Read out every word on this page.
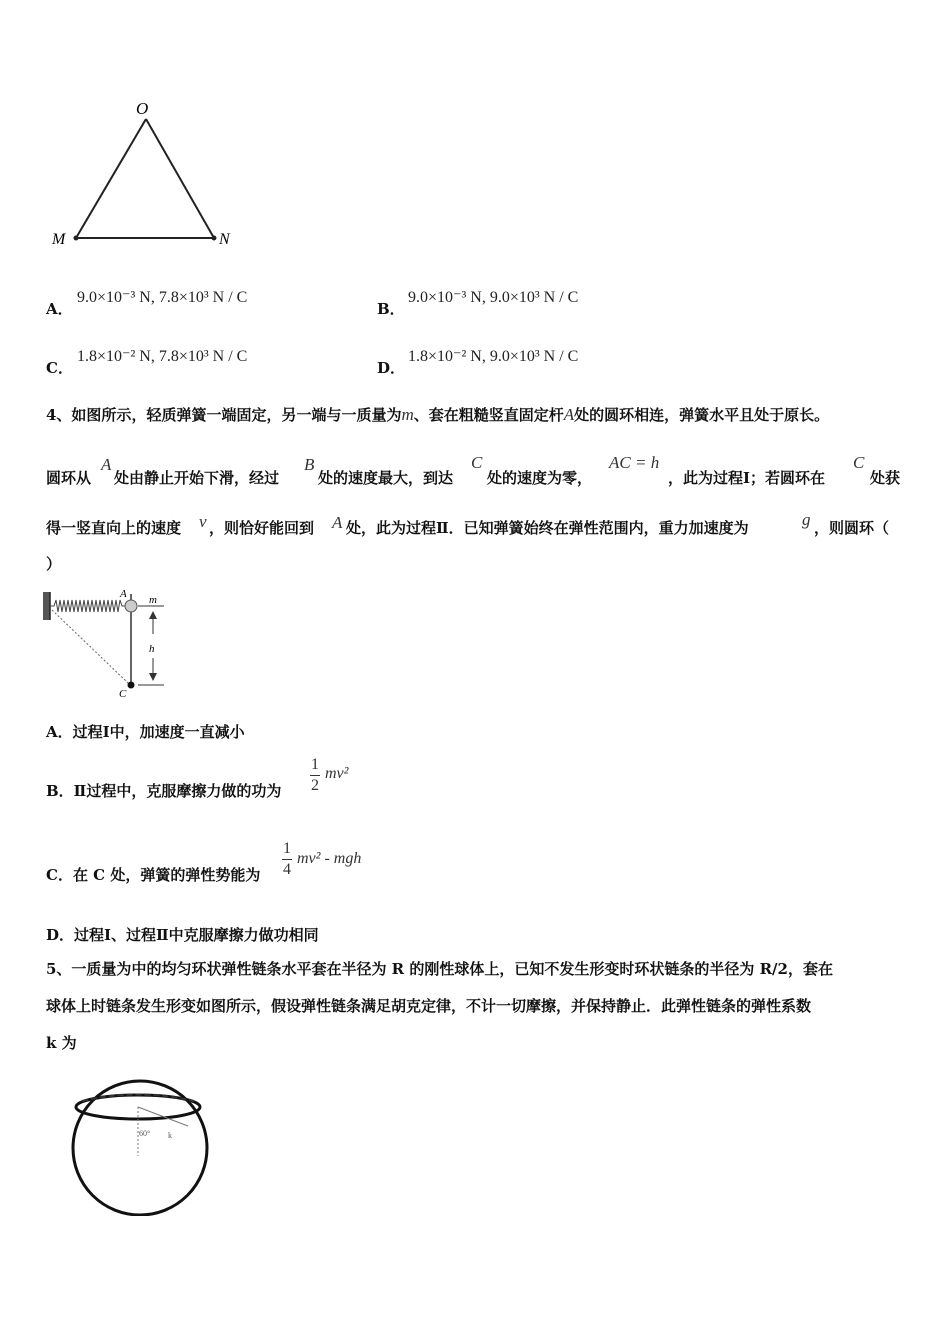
O
M	N
A．
9.0×10⁻³ N, 7.8×10³ N / C
B．
9.0×10⁻³ N, 9.0×10³ N / C
C．
1.8×10⁻² N, 7.8×10³ N / C
D．
1.8×10⁻² N, 9.0×10³ N / C
4、如图所示，轻质弹簧一端固定，另一端与一质量为m、套在粗糙竖直固定杆A处的圆环相连，弹簧水平且处于原长。
圆环从
A
处由静止开始下滑，经过
B
处的速度最大，到达
C
处的速度为零，
AC = h
，此为过程Ⅰ；若圆环在
C
处获
得一竖直向上的速度 v ，则恰好能回到 A 处，此为过程Ⅱ．已知弹簧始终在弹性范围内，重力加速度为	g ，则圆环（
）
A m
h
C
A．过程Ⅰ中，加速度一直减小
B．Ⅱ过程中，克服摩擦力做的功为
1
2
mv²
C．在 C 处，弹簧的弹性势能为
1
4
mv² - mgh
D．过程Ⅰ、过程Ⅱ中克服摩擦力做功相同
5、一质量为中的均匀环状弹性链条水平套在半径为 R 的刚性球体上，已知不发生形变时环状链条的半径为 R/2，套在
球体上时链条发生形变如图所示，假设弹性链条满足胡克定律，不计一切摩擦，并保持静止．此弹性链条的弹性系数
k 为
60° k
